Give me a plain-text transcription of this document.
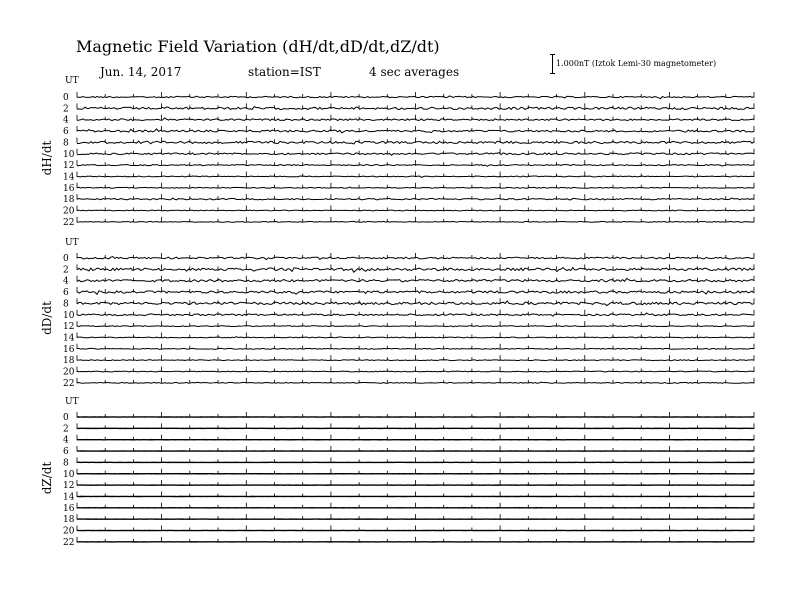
Magnetic Field Variation (dH/dt,dD/dt,dZ/dt)
Jun. 14, 2017	station=IST	4 sec averages
1.000nT (Iztok Lemi-30 magnetometer)
UT
dH/dt
0
2
4
6
8
10
12
14
16
18
20
22
UT
dD/dt
0
2
4
6
8
10
12
14
16
18
20
22
UT
dZ/dt
0
2
4
6
8
10
12
14
16
18
20
22
